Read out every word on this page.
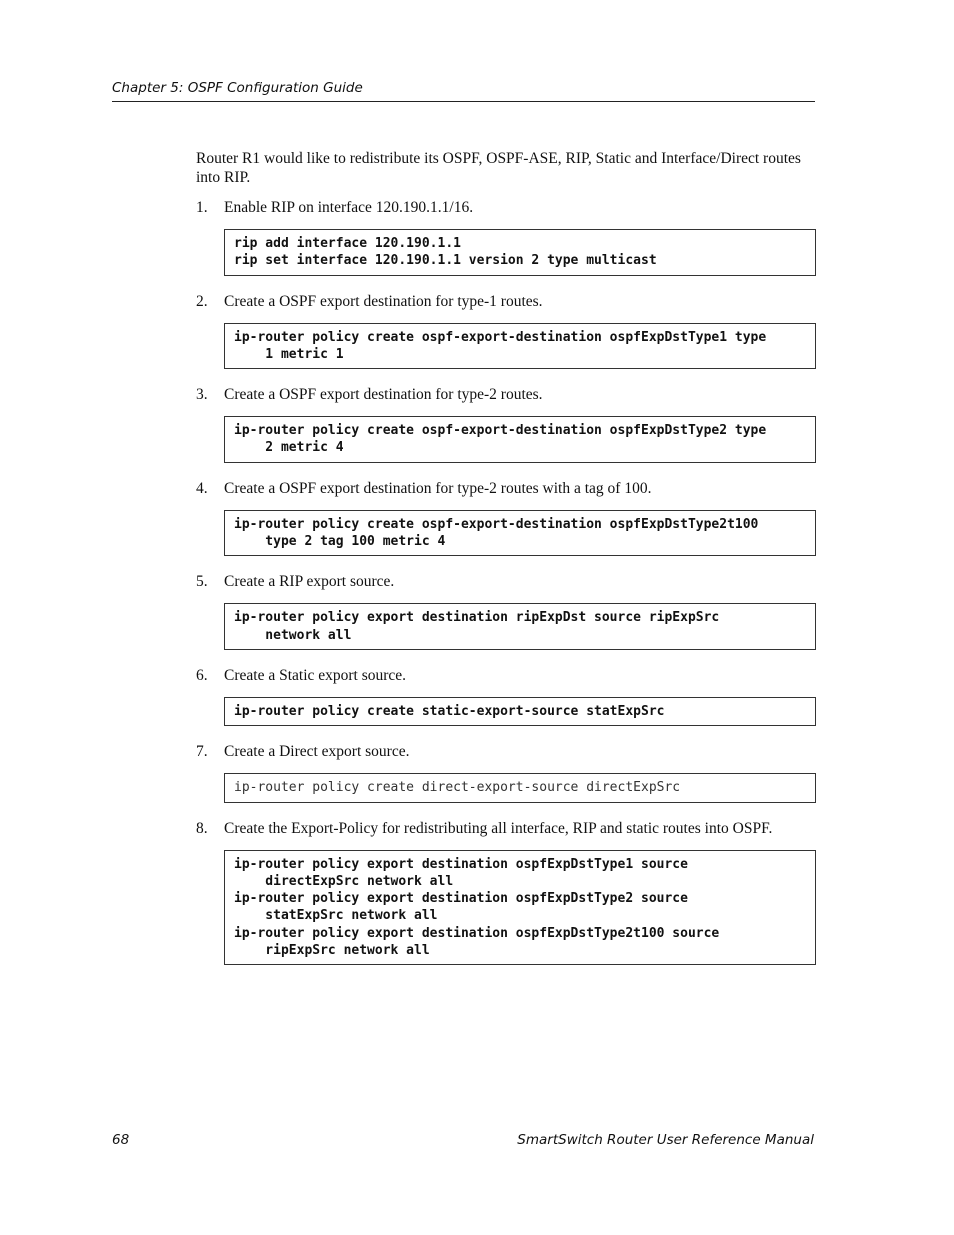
Chapter 5: OSPF Configuration Guide

Router R1 would like to redistribute its OSPF, OSPF-ASE, RIP, Static and Interface/Direct routes into RIP.

1. Enable RIP on interface 120.190.1.1/16.
rip add interface 120.190.1.1
rip set interface 120.190.1.1 version 2 type multicast
2. Create a OSPF export destination for type-1 routes.
ip-router policy create ospf-export-destination ospfExpDstType1 type
1 metric 1
3. Create a OSPF export destination for type-2 routes.
ip-router policy create ospf-export-destination ospfExpDstType2 type
2 metric 4
4. Create a OSPF export destination for type-2 routes with a tag of 100.
ip-router policy create ospf-export-destination ospfExpDstType2t100
type 2 tag 100 metric 4
5. Create a RIP export source.
ip-router policy export destination ripExpDst source ripExpSrc
network all
6. Create a Static export source.
ip-router policy create static-export-source statExpSrc
7. Create a Direct export source.
ip-router policy create direct-export-source directExpSrc
8. Create the Export-Policy for redistributing all interface, RIP and static routes into OSPF.
ip-router policy export destination ospfExpDstType1 source
directExpSrc network all
ip-router policy export destination ospfExpDstType2 source
statExpSrc network all
ip-router policy export destination ospfExpDstType2t100 source
ripExpSrc network all
68	SmartSwitch Router User Reference Manual
